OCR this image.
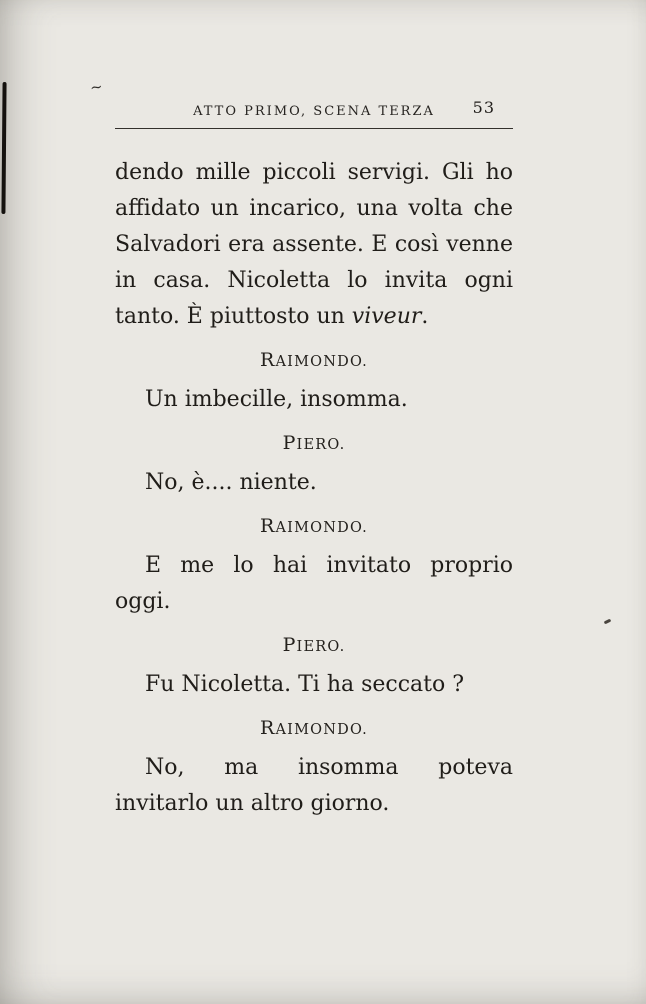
~
ATTO PRIMO, SCENA TERZA 53

dendo mille piccoli servigi. Gli ho affidato un incarico, una volta che Salvadori era assente. E così venne in casa. Nicoletta lo invita ogni tanto. È piuttosto un viveur.

RAIMONDO.

Un imbecille, insomma.

PIERO.

No, è.... niente.

RAIMONDO.

E me lo hai invitato proprio oggi.

PIERO.

Fu Nicoletta. Ti ha seccato ?

RAIMONDO.

No, ma insomma poteva invitarlo un altro giorno.
